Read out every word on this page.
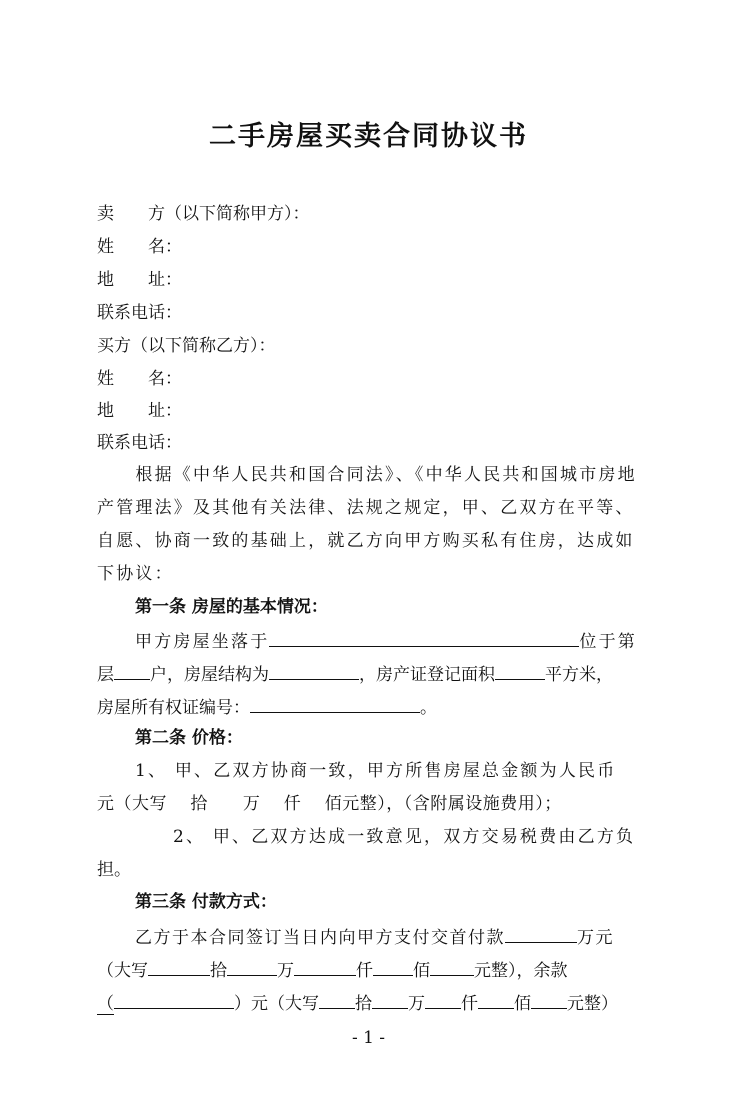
二手房屋买卖合同协议书
卖　　方（以下简称甲方）：
姓　　名：
地　　址：
联系电话：
买方（以下简称乙方）：
姓　　名：
地　　址：
联系电话：
　　根据《中华人民共和国合同法》、《中华人民共和国城市房地
产管理法》及其他有关法律、法规之规定，甲、乙双方在平等、
自愿、协商一致的基础上，就乙方向甲方购买私有住房，达成如
下协议：
第一条 房屋的基本情况：
甲方房屋坐落于	位于第
层 户，房屋结构为	，房产证登记面积	平方米，
房屋所有权证编号：	。
第二条 价格：
1、 甲、乙双方协商一致，甲方所售房屋总金额为人民币
元（大写　 拾　　万　 仟　 佰元整），（含附属设施费用）；
2、 甲、乙双方达成一致意见，双方交易税费由乙方负
担。
第三条 付款方式：
乙方于本合同签订当日内向甲方支付交首付款	万元
（大写	拾	万	仟 佰	元整），余款
（	）元（大写 拾 万 仟 佰 元整）
- 1 -
